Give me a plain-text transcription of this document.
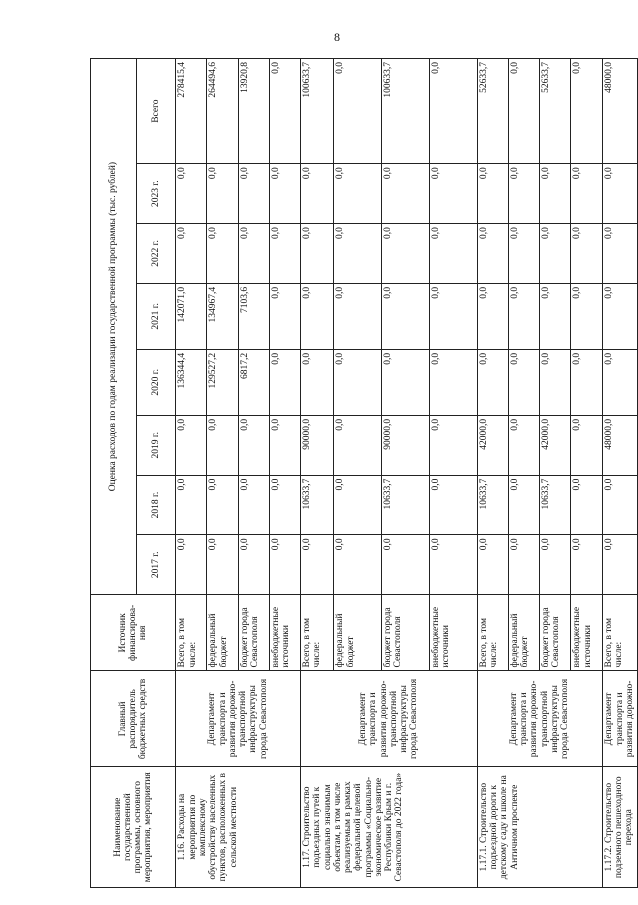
8
Наименование государственной программы, основного мероприятия, мероприятия	Главный распорядитель бюджетных средств	Источник финансирова-ния	Оценка расходов по годам реализации государственной программы (тыс. рублей)							
			2017 г.	2018 г.	2019 г.	2020 г.	2021 г.	2022 г.	2023 г.	Всего
1.16. Расходы на мероприятия по комплексному обустройству населенных пунктов, расположенных в сельской местности	Департамент транспорта и развития дорожно-транспортной инфраструктуры города Севастополя	Всего, в том числе:	0,0	0,0	0,0	136344,4	142071,0	0,0	0,0	278415,4
		федеральный бюджет	0,0	0,0	0,0	129527,2	134967,4	0,0	0,0	264494,6
		бюджет города Севастополя	0,0	0,0	0,0	6817,2	7103,6	0,0	0,0	13920,8
		внебюджетные источники	0,0	0,0	0,0	0,0	0,0	0,0	0,0	0,0
1.17. Строительство подъездных путей к социально значимым объектам, в том числе реализуемым в рамках федеральной целевой программы «Социально-экономическое развитие Республики Крым и г. Севастополя до 2022 года»	Департамент транспорта и развития дорожно-транспортной инфраструктуры города Севастополя	Всего, в том числе:	0,0	10633,7	90000,0	0,0	0,0	0,0	0,0	100633,7
		федеральный бюджет	0,0	0,0	0,0	0,0	0,0	0,0	0,0	0,0
		бюджет города Севастополя	0,0	10633,7	90000,0	0,0	0,0	0,0	0,0	100633,7
		внебюджетные источники	0,0	0,0	0,0	0,0	0,0	0,0	0,0	0,0
1.17.1. Строительство подъездной дороги к детскому саду и школе на Античном проспекте	Департамент транспорта и развития дорожно-транспортной инфраструктуры города Севастополя	Всего, в том числе:	0,0	10633,7	42000,0	0,0	0,0	0,0	0,0	52633,7
		федеральный бюджет	0,0	0,0	0,0	0,0	0,0	0,0	0,0	0,0
		бюджет города Севастополя	0,0	10633,7	42000,0	0,0	0,0	0,0	0,0	52633,7
		внебюджетные источники	0,0	0,0	0,0	0,0	0,0	0,0	0,0	0,0
1.17.2. Строительство подземного пешеходного перехода	Департамент транспорта и развития дорожно-	Всего, в том числе:	0,0	0,0	48000,0	0,0	0,0	0,0	0,0	48000,0
